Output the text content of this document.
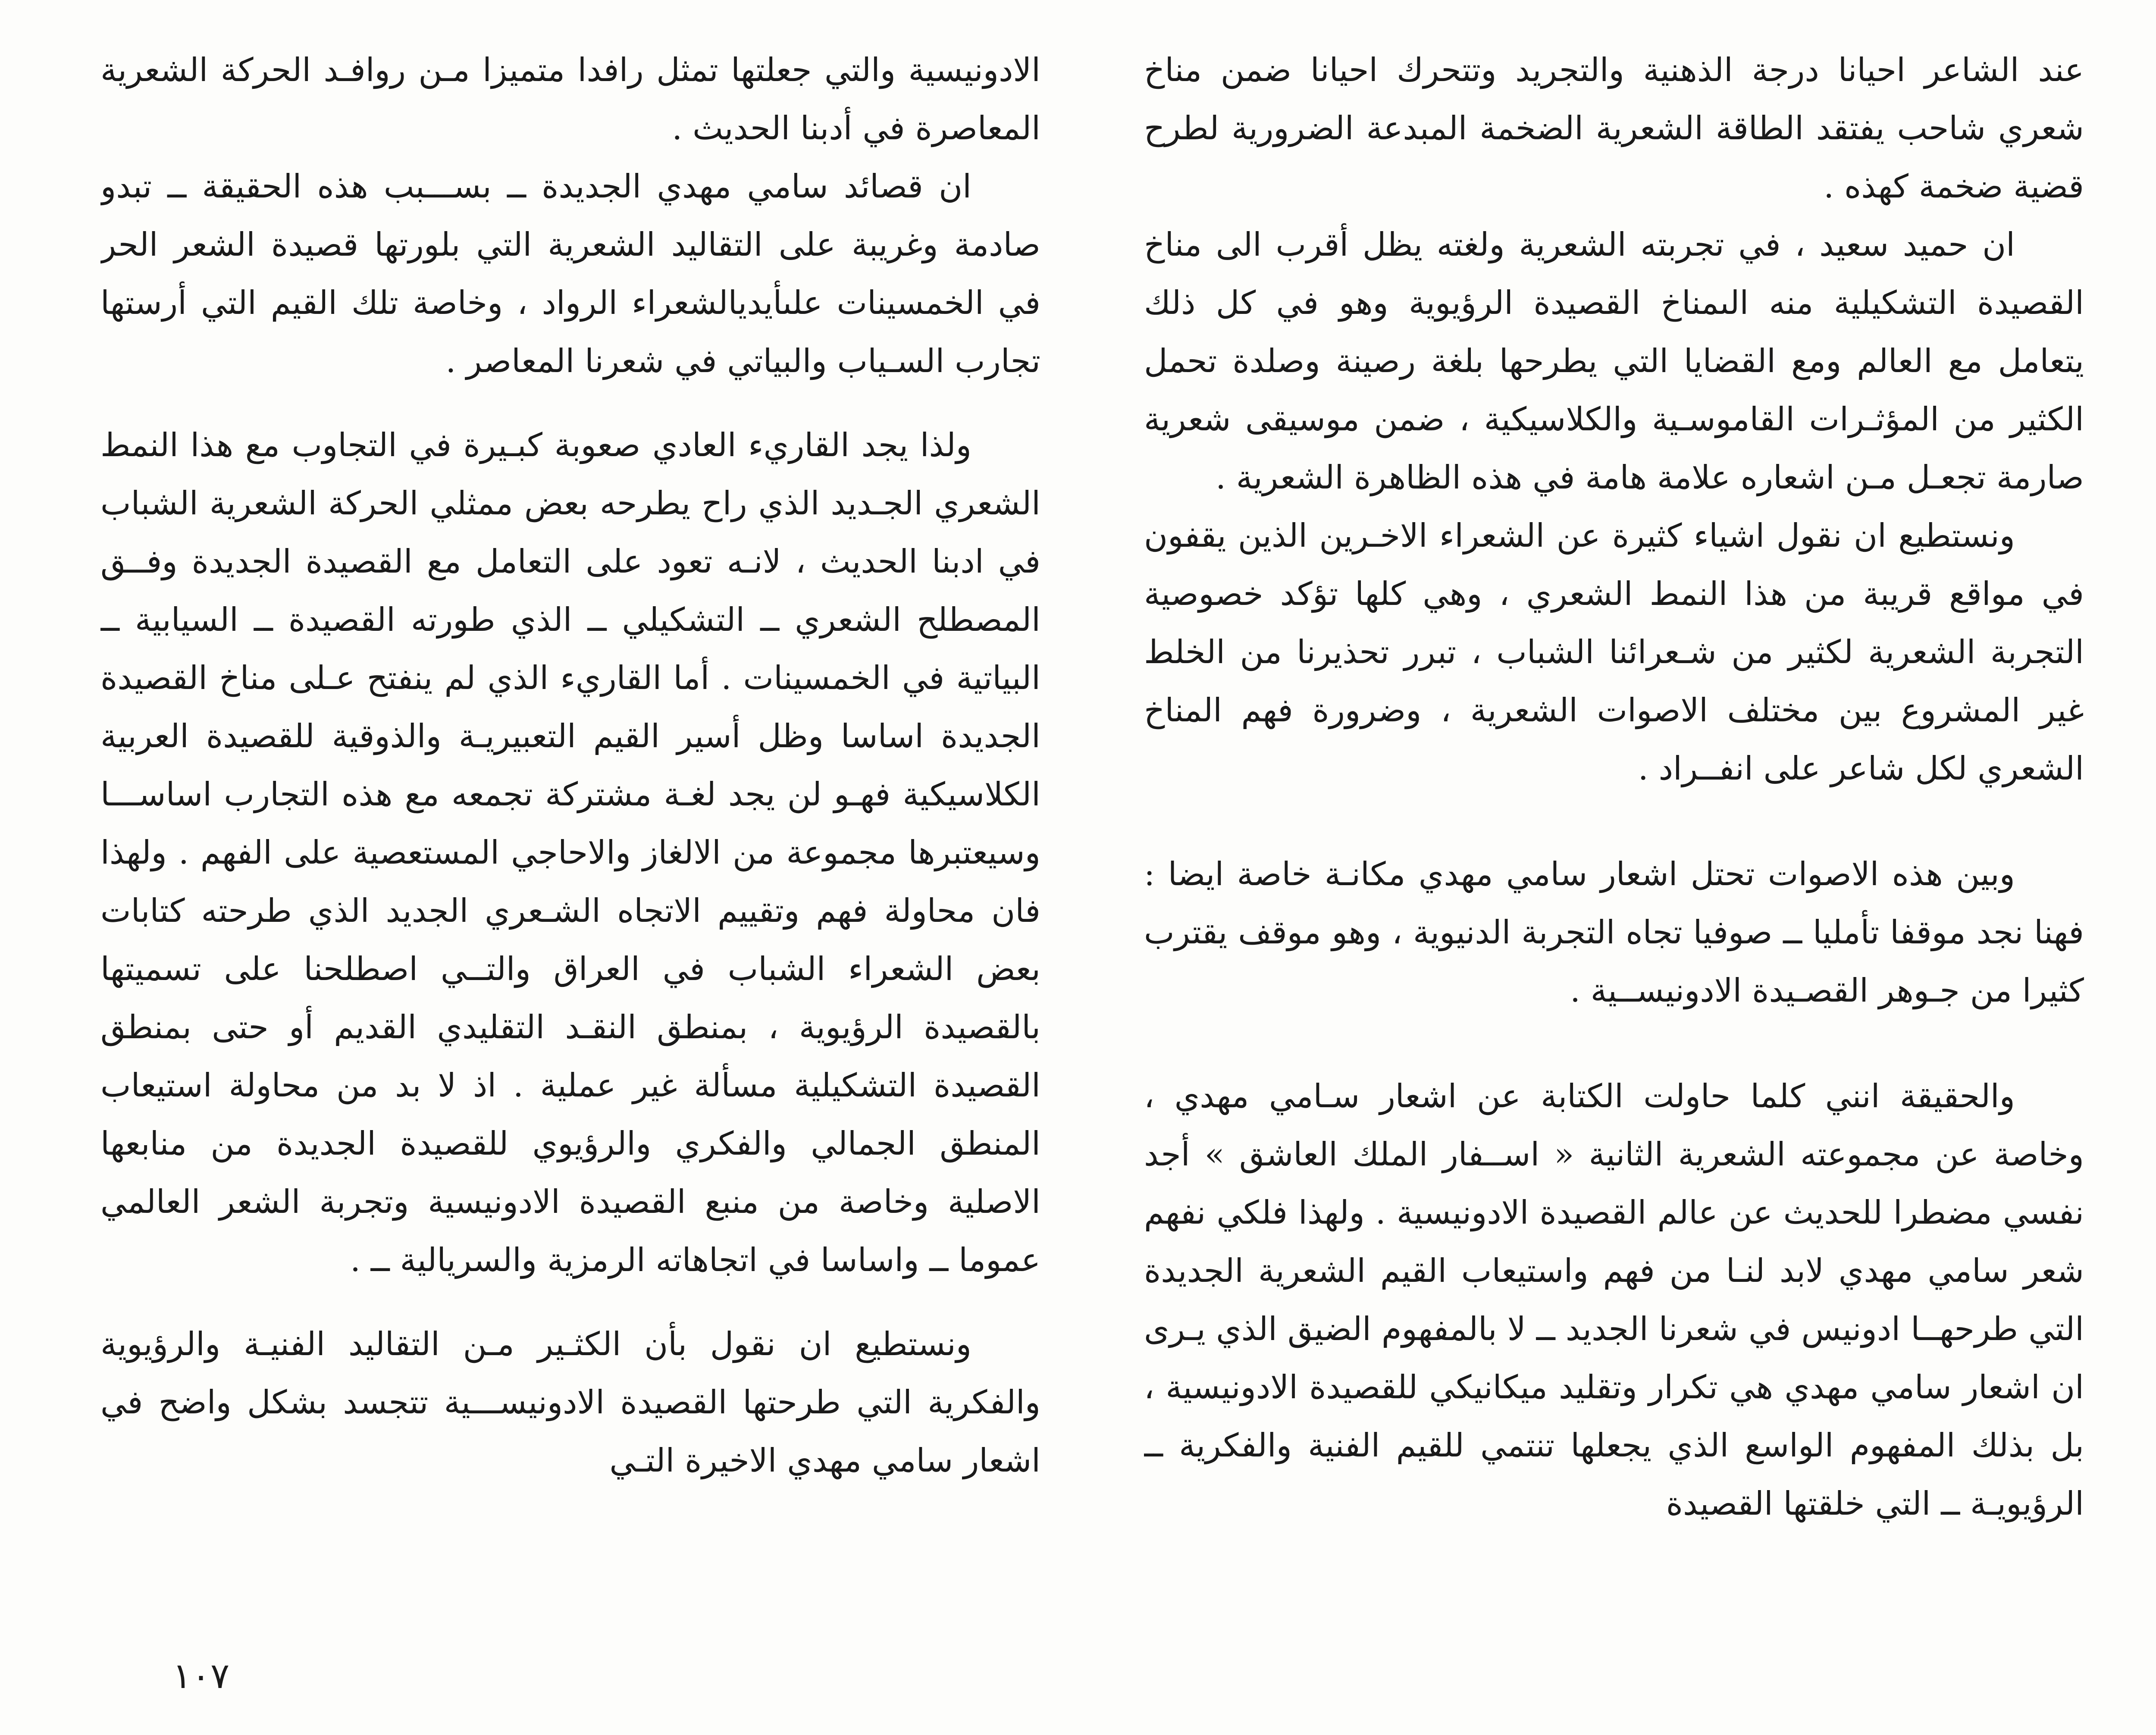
عند الشاعر احيانا درجة الذهنية والتجريد وتتحرك احيانا ضمن مناخ شعري شاحب يفتقد الطاقة الشعرية الضخمة المبدعة الضرورية لطرح قضية ضخمة كهذه .

ان حميد سعيد ، في تجربته الشعرية ولغته يظل أقرب الى مناخ القصيدة التشكيلية منه الىمناخ القصيدة الرؤيوية وهو في كل ذلك يتعامل مع العالم ومع القضايا التي يطرحها بلغة رصينة وصلدة تحمل الكثير من المؤثـرات القاموسـية والكلاسيكية ، ضمن موسيقى شعرية صارمة تجعـل مـن اشعاره علامة هامة في هذه الظاهرة الشعرية .

ونستطيع ان نقول اشياء كثيرة عن الشعراء الاخـرين الذين يقفون في مواقع قريبة من هذا النمط الشعري ، وهي كلها تؤكد خصوصية التجربة الشعرية لكثير من شـعرائنا الشباب ، تبرر تحذيرنا من الخلط غير المشروع بين مختلف الاصوات الشعرية ، وضرورة فهم المناخ الشعري لكل شاعر على انفــراد .

وبين هذه الاصوات تحتل اشعار سامي مهدي مكانـة خاصة ايضا : فهنا نجد موقفا تأمليا ــ صوفيا تجاه التجربة الدنيوية ، وهو موقف يقترب كثيرا من جـوهر القصـيدة الادونيســية .

والحقيقة انني كلما حاولت الكتابة عن اشعار سـامي مهدي ، وخاصة عن مجموعته الشعرية الثانية « اســفار الملك العاشق » أجد نفسي مضطرا للحديث عن عالم القصيدة الادونيسية . ولهذا فلكي نفهم شعر سامي مهدي لابد لنـا من فهم واستيعاب القيم الشعرية الجديدة التي طرحهــا ادونيس في شعرنا الجديد ــ لا بالمفهوم الضيق الذي يـرى ان اشعار سامي مهدي هي تكرار وتقليد ميكانيكي للقصيدة الادونيسية ، بل بذلك المفهوم الواسع الذي يجعلها تنتمي للقيم الفنية والفكرية ــ الرؤيويـة ــ التي خلقتها القصيدة

الادونيسية والتي جعلتها تمثل رافدا متميزا مـن روافـد الحركة الشعرية المعاصرة في أدبنا الحديث .

ان قصائد سامي مهدي الجديدة ــ بســـبب هذه الحقيقة ــ تبدو صادمة وغريبة على التقاليد الشعرية التي بلورتها قصيدة الشعر الحر في الخمسينات علىأيديالشعراء الرواد ، وخاصة تلك القيم التي أرستها تجارب السـياب والبياتي في شعرنا المعاصر .

ولذا يجد القاريء العادي صعوبة كبـيرة في التجاوب مع هذا النمط الشعري الجـديد الذي راح يطرحه بعض ممثلي الحركة الشعرية الشباب في ادبنا الحديث ، لانـه تعود على التعامل مع القصيدة الجديدة وفــق المصطلح الشعري ــ التشكيلي ــ الذي طورته القصيدة ــ السيابية ــ البياتية في الخمسينات . أما القاريء الذي لم ينفتح عـلى مناخ القصيدة الجديدة اساسا وظل أسير القيم التعبيريـة والذوقية للقصيدة العربية الكلاسيكية فهـو لن يجد لغـة مشتركة تجمعه مع هذه التجارب اساســـا وسيعتبرها مجموعة من الالغاز والاحاجي المستعصية على الفهم . ولهذا فان محاولة فهم وتقييم الاتجاه الشـعري الجديد الذي طرحته كتابات بعض الشعراء الشباب في العراق والتــي اصطلحنا على تسميتها بالقصيدة الرؤيوية ، بمنطق النقـد التقليدي القديم أو حتى بمنطق القصيدة التشكيلية مسألة غير عملية . اذ لا بد من محاولة استيعاب المنطق الجمالي والفكري والرؤيوي للقصيدة الجديدة من منابعها الاصلية وخاصة من منبع القصيدة الادونيسية وتجربة الشعر العالمي عموما ــ واساسا في اتجاهاته الرمزية والسريالية ــ .

ونستطيع ان نقول بأن الكثـير مـن التقاليد الفنيـة والرؤيوية والفكرية التي طرحتها القصيدة الادونيســـية تتجسد بشكل واضح في اشعار سامي مهدي الاخيرة التـي

١٠٧
